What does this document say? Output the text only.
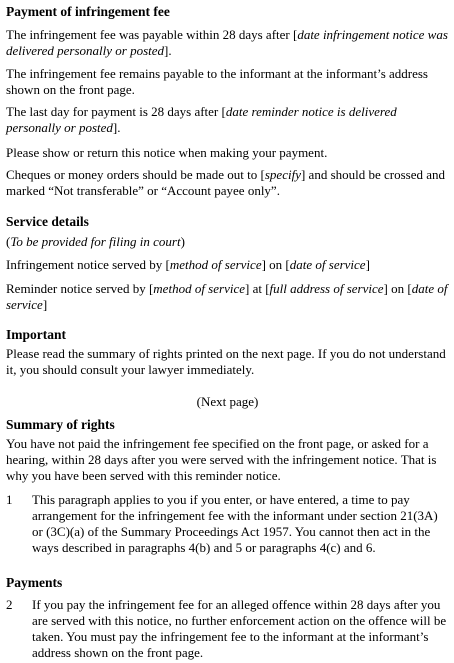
Payment of infringement fee

The infringement fee was payable within 28 days after [date infringement notice was delivered personally or posted].

The infringement fee remains payable to the informant at the informant’s address shown on the front page.

The last day for payment is 28 days after [date reminder notice is delivered personally or posted].

Please show or return this notice when making your payment.

Cheques or money orders should be made out to [specify] and should be crossed and marked “Not transferable” or “Account payee only”.

Service details

(To be provided for filing in court)

Infringement notice served by [method of service] on [date of service]

Reminder notice served by [method of service] at [full address of service] on [date of service]

Important

Please read the summary of rights printed on the next page. If you do not understand it, you should consult your lawyer immediately.

(Next page)

Summary of rights

You have not paid the infringement fee specified on the front page, or asked for a hearing, within 28 days after you were served with the infringement notice. That is why you have been served with this reminder notice.

1	This paragraph applies to you if you enter, or have entered, a time to pay arrangement for the infringement fee with the informant under section 21(3A) or (3C)(a) of the Summary Proceedings Act 1957. You cannot then act in the ways described in paragraphs 4(b) and 5 or paragraphs 4(c) and 6.

Payments
2	If you pay the infringement fee for an alleged offence within 28 days after you are served with this notice, no further enforcement action on the offence will be taken. You must pay the infringement fee to the informant at the informant’s address shown on the front page.
